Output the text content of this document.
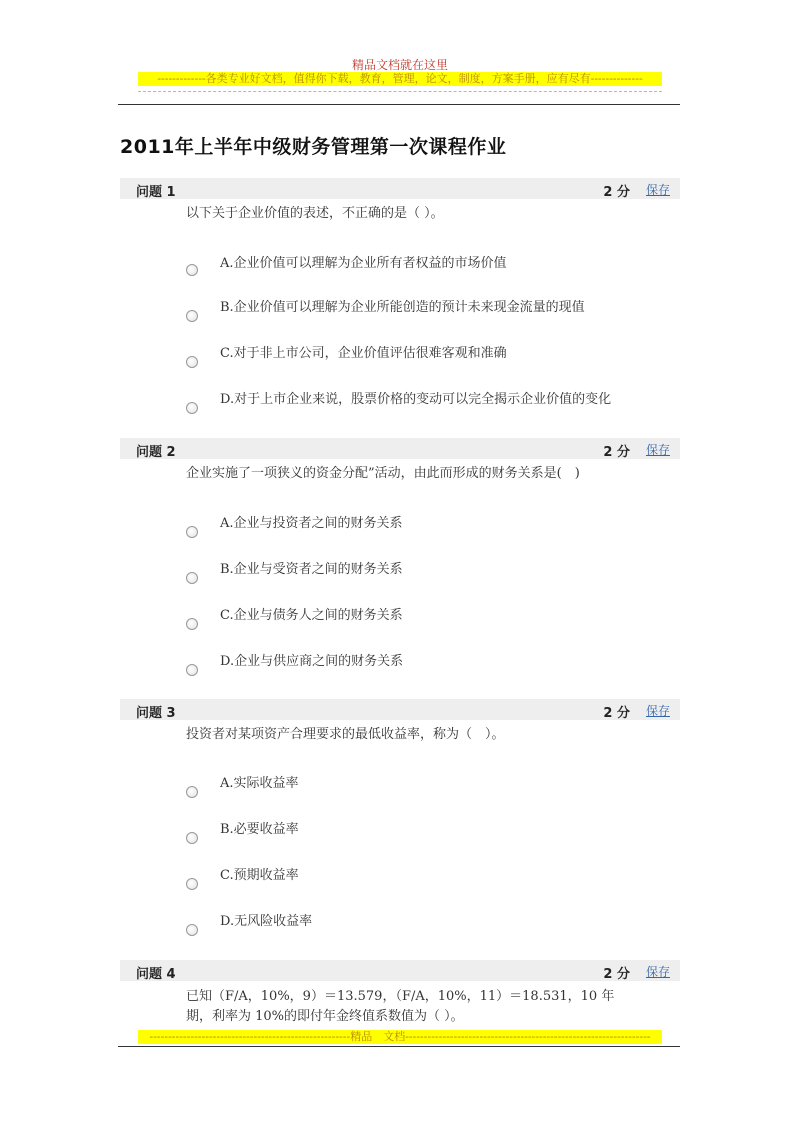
精品文档就在这里
-------------各类专业好文档，值得你下载，教育，管理，论文，制度，方案手册，应有尽有--------------
2011年上半年中级财务管理第一次课程作业
问题 1	2 分 保存
以下关于企业价值的表述，不正确的是（ ）。
A.企业价值可以理解为企业所有者权益的市场价值
B.企业价值可以理解为企业所能创造的预计未来现金流量的现值
C.对于非上市公司，企业价值评估很难客观和准确
D.对于上市企业来说，股票价格的变动可以完全揭示企业价值的变化
问题 2	2 分 保存
企业实施了一项狭义的资金分配”活动，由此而形成的财务关系是(　)
A.企业与投资者之间的财务关系
B.企业与受资者之间的财务关系
C.企业与债务人之间的财务关系
D.企业与供应商之间的财务关系
问题 3	2 分 保存
投资者对某项资产合理要求的最低收益率，称为（　）。
A.实际收益率
B.必要收益率
C.预期收益率
D.无风险收益率
问题 4	2 分 保存
已知（F/A，10%，9）＝13.579，（F/A，10%，11）＝18.531，10 年期，利率为 10%的即付年金终值系数值为（ ）。
------------------------------------------------------精品　文档------------------------------------------------------------------
